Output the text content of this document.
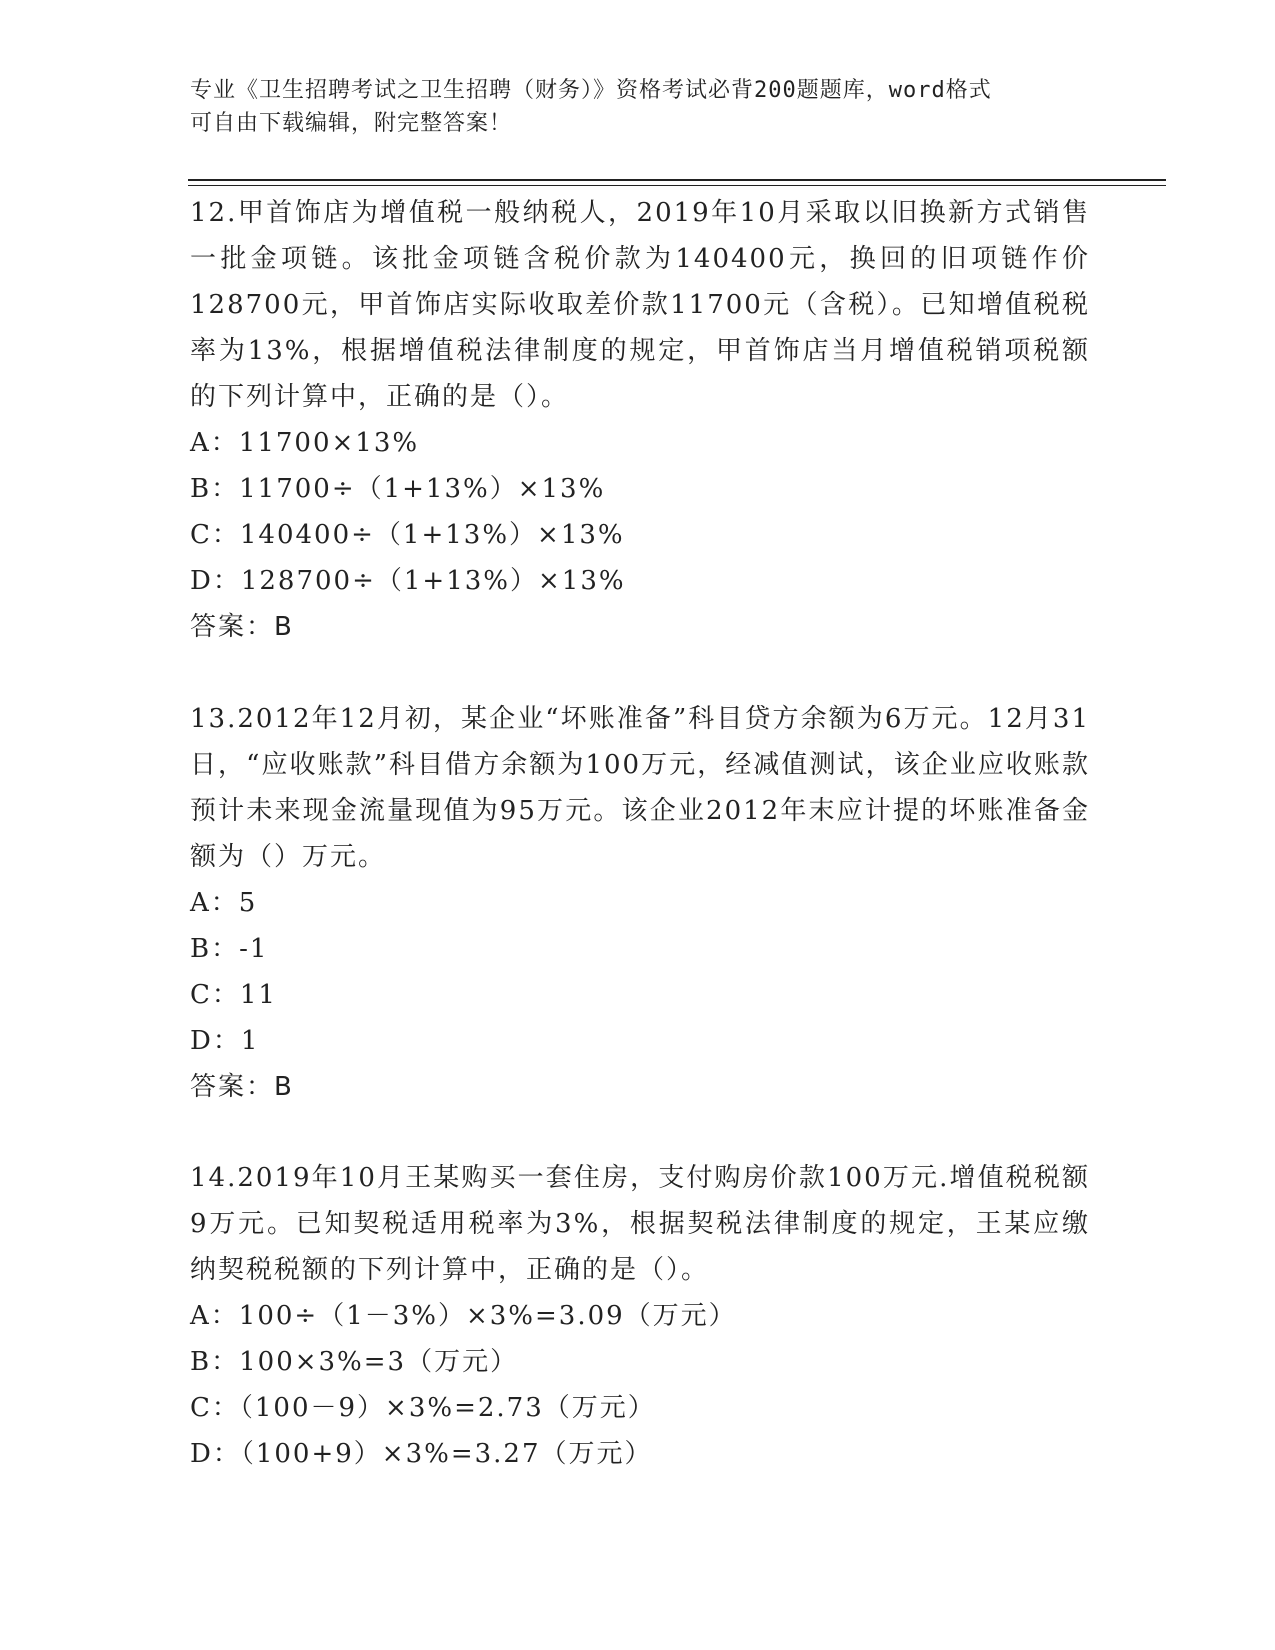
专业《卫生招聘考试之卫生招聘（财务）》资格考试必背200题题库，word格式
可自由下载编辑，附完整答案！
12.甲首饰店为增值税一般纳税人，2019年10月采取以旧换新方式销售一批金项链。该批金项链含税价款为140400元，换回的旧项链作价128700元，甲首饰店实际收取差价款11700元（含税）。已知增值税税率为13%，根据增值税法律制度的规定，甲首饰店当月增值税销项税额的下列计算中，正确的是（）。
A：11700×13%
B：11700÷（1+13%）×13%
C：140400÷（1+13%）×13%
D：128700÷（1+13%）×13%
答案：B
13.2012年12月初，某企业“坏账准备”科目贷方余额为6万元。12月31日，“应收账款”科目借方余额为100万元，经减值测试，该企业应收账款预计未来现金流量现值为95万元。该企业2012年末应计提的坏账准备金额为（）万元。
A：5
B：-1
C：11
D：1
答案：B
14.2019年10月王某购买一套住房，支付购房价款100万元.增值税税额9万元。已知契税适用税率为3%，根据契税法律制度的规定，王某应缴纳契税税额的下列计算中，正确的是（）。
A：100÷（1－3%）×3%=3.09（万元）
B：100×3%=3（万元）
C：（100－9）×3%=2.73（万元）
D：（100+9）×3%=3.27（万元）
